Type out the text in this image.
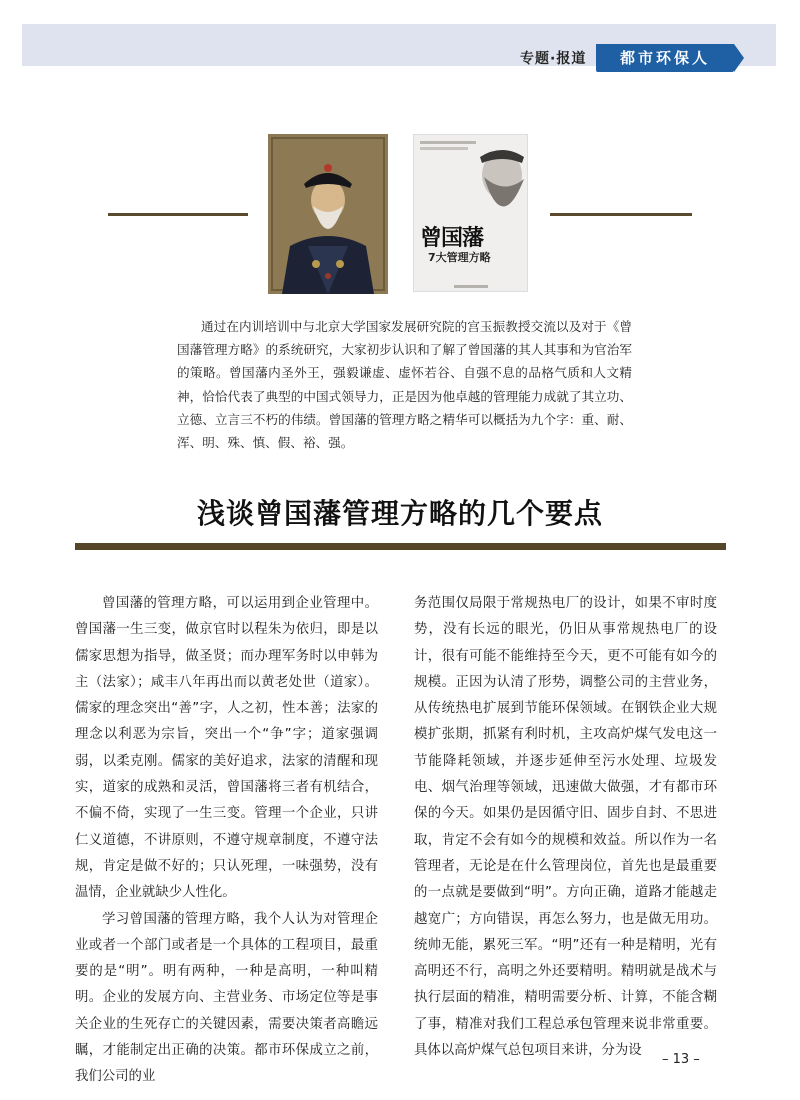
专题·报道	都市环保人
曾国藩
7大管理方略
通过在内训培训中与北京大学国家发展研究院的宫玉振教授交流以及对于《曾国藩管理方略》的系统研究，大家初步认识和了解了曾国藩的其人其事和为官治军的策略。曾国藩内圣外王，强毅谦虚、虚怀若谷、自强不息的品格气质和人文精神，恰恰代表了典型的中国式领导力，正是因为他卓越的管理能力成就了其立功、立德、立言三不朽的伟绩。曾国藩的管理方略之精华可以概括为九个字：重、耐、浑、明、殊、慎、假、裕、强。
浅谈曾国藩管理方略的几个要点

曾国藩的管理方略，可以运用到企业管理中。曾国藩一生三变，做京官时以程朱为依归，即是以儒家思想为指导，做圣贤；而办理军务时以申韩为主（法家）；咸丰八年再出而以黄老处世（道家）。儒家的理念突出“善”字，人之初，性本善；法家的理念以利恶为宗旨，突出一个“争”字；道家强调弱，以柔克刚。儒家的美好追求，法家的清醒和现实，道家的成熟和灵活，曾国藩将三者有机结合，不偏不倚，实现了一生三变。管理一个企业，只讲仁义道德，不讲原则，不遵守规章制度，不遵守法规，肯定是做不好的；只认死理，一味强势，没有温情，企业就缺少人性化。

学习曾国藩的管理方略，我个人认为对管理企业或者一个部门或者是一个具体的工程项目，最重要的是“明”。明有两种，一种是高明，一种叫精明。企业的发展方向、主营业务、市场定位等是事关企业的生死存亡的关键因素，需要决策者高瞻远瞩，才能制定出正确的决策。都市环保成立之前，我们公司的业

务范围仅局限于常规热电厂的设计，如果不审时度势，没有长远的眼光，仍旧从事常规热电厂的设计，很有可能不能维持至今天，更不可能有如今的规模。正因为认清了形势，调整公司的主营业务，从传统热电扩展到节能环保领域。在钢铁企业大规模扩张期，抓紧有利时机，主攻高炉煤气发电这一节能降耗领域，并逐步延伸至污水处理、垃圾发电、烟气治理等领域，迅速做大做强，才有都市环保的今天。如果仍是因循守旧、固步自封、不思进取，肯定不会有如今的规模和效益。所以作为一名管理者，无论是在什么管理岗位，首先也是最重要的一点就是要做到“明”。方向正确，道路才能越走越宽广；方向错误，再怎么努力，也是做无用功。统帅无能，累死三军。“明”还有一种是精明，光有高明还不行，高明之外还要精明。精明就是战术与执行层面的精准，精明需要分析、计算，不能含糊了事，精准对我们工程总承包管理来说非常重要。具体以高炉煤气总包项目来讲，分为设

– 13 –
